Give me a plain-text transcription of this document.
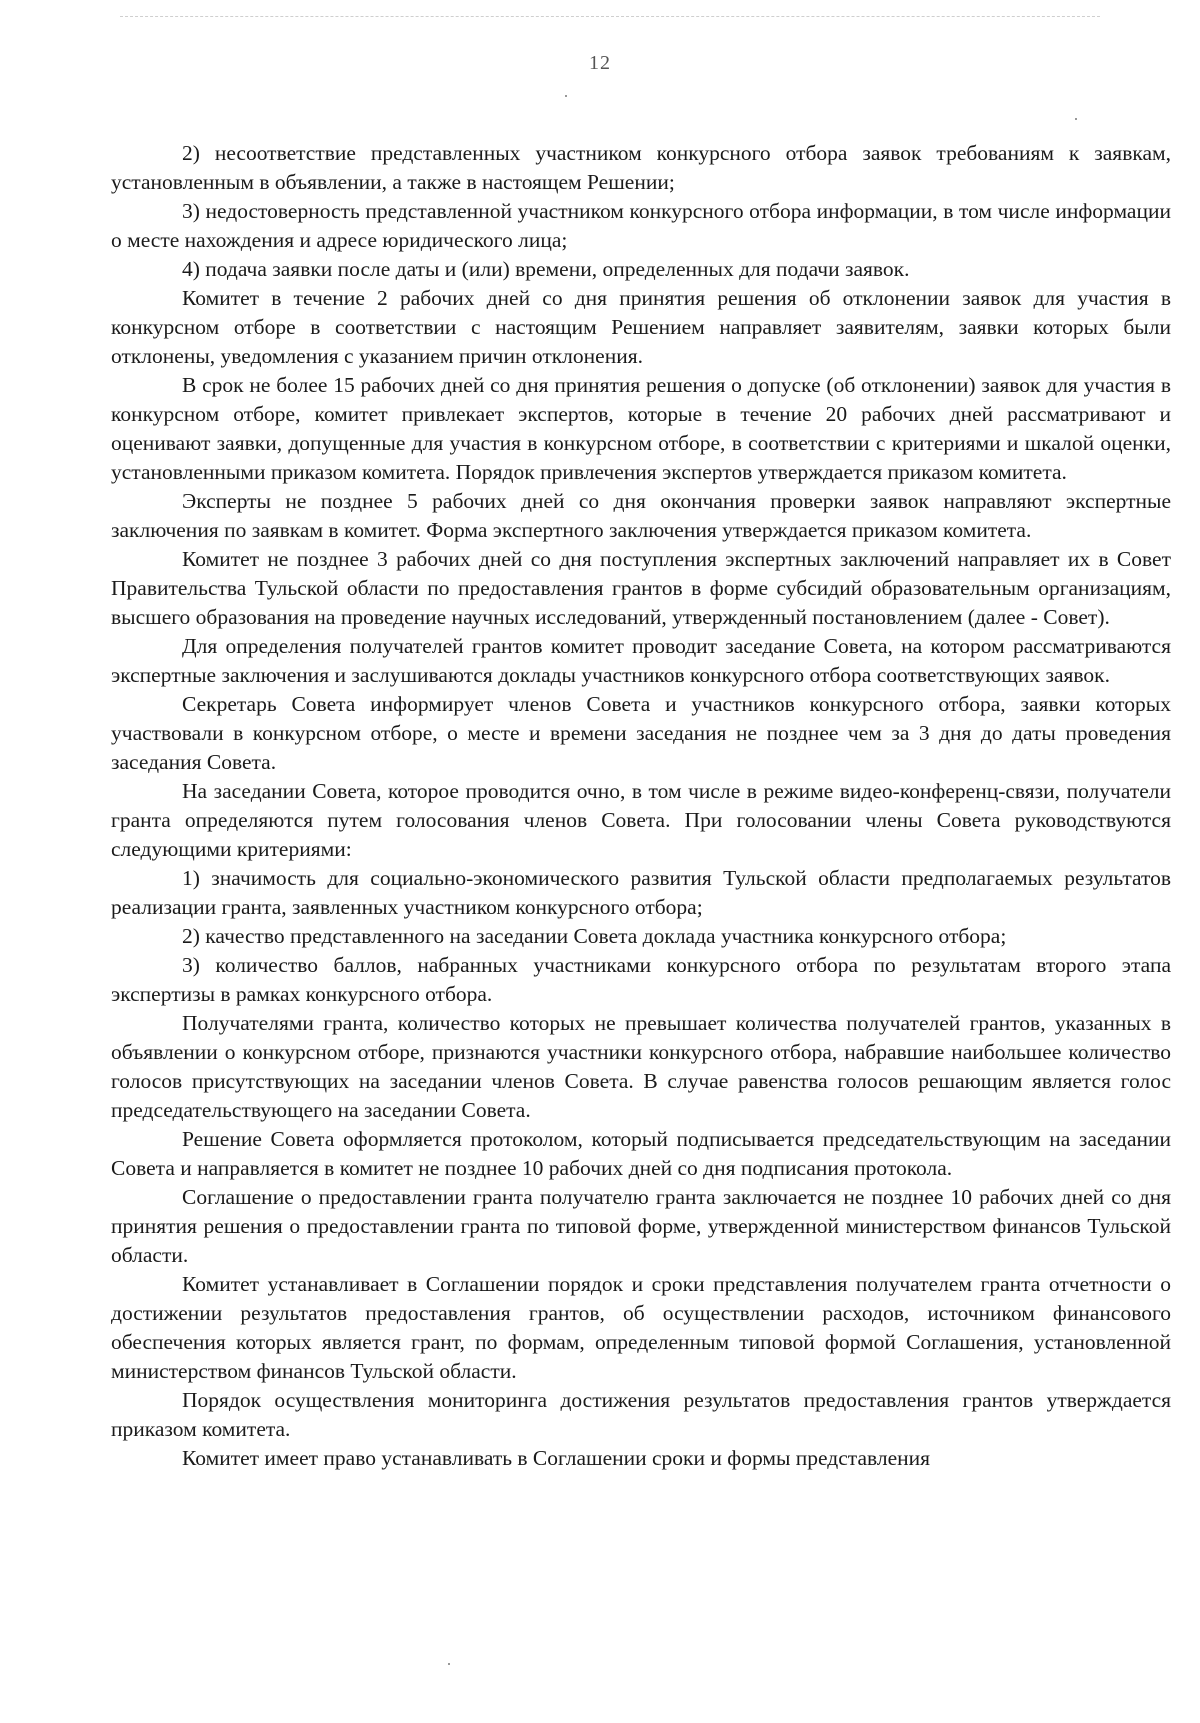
12

2) несоответствие представленных участником конкурсного отбора заявок требованиям к заявкам, установленным в объявлении, а также в настоящем Решении;

3) недостоверность представленной участником конкурсного отбора информации, в том числе информации о месте нахождения и адресе юридического лица;

4) подача заявки после даты и (или) времени, определенных для подачи заявок.

Комитет в течение 2 рабочих дней со дня принятия решения об отклонении заявок для участия в конкурсном отборе в соответствии с настоящим Решением направляет заявителям, заявки которых были отклонены, уведомления с указанием причин отклонения.

В срок не более 15 рабочих дней со дня принятия решения о допуске (об отклонении) заявок для участия в конкурсном отборе, комитет привлекает экспертов, которые в течение 20 рабочих дней рассматривают и оценивают заявки, допущенные для участия в конкурсном отборе, в соответствии с критериями и шкалой оценки, установленными приказом комитета. Порядок привлечения экспертов утверждается приказом комитета.

Эксперты не позднее 5 рабочих дней со дня окончания проверки заявок направляют экспертные заключения по заявкам в комитет. Форма экспертного заключения утверждается приказом комитета.

Комитет не позднее 3 рабочих дней со дня поступления экспертных заключений направляет их в Совет Правительства Тульской области по предоставления грантов в форме субсидий образовательным организациям, высшего образования на проведение научных исследований, утвержденный постановлением (далее - Совет).

Для определения получателей грантов комитет проводит заседание Совета, на котором рассматриваются экспертные заключения и заслушиваются доклады участников конкурсного отбора соответствующих заявок.

Секретарь Совета информирует членов Совета и участников конкурсного отбора, заявки которых участвовали в конкурсном отборе, о месте и времени заседания не позднее чем за 3 дня до даты проведения заседания Совета.

На заседании Совета, которое проводится очно, в том числе в режиме видео-конференц-связи, получатели гранта определяются путем голосования членов Совета. При голосовании члены Совета руководствуются следующими критериями:

1) значимость для социально-экономического развития Тульской области предполагаемых результатов реализации гранта, заявленных участником конкурсного отбора;

2) качество представленного на заседании Совета доклада участника конкурсного отбора;

3) количество баллов, набранных участниками конкурсного отбора по результатам второго этапа экспертизы в рамках конкурсного отбора.

Получателями гранта, количество которых не превышает количества получателей грантов, указанных в объявлении о конкурсном отборе, признаются участники конкурсного отбора, набравшие наибольшее количество голосов присутствующих на заседании членов Совета. В случае равенства голосов решающим является голос председательствующего на заседании Совета.

Решение Совета оформляется протоколом, который подписывается председательствующим на заседании Совета и направляется в комитет не позднее 10 рабочих дней со дня подписания протокола.

Соглашение о предоставлении гранта получателю гранта заключается не позднее 10 рабочих дней со дня принятия решения о предоставлении гранта по типовой форме, утвержденной министерством финансов Тульской области.

Комитет устанавливает в Соглашении порядок и сроки представления получателем гранта отчетности о достижении результатов предоставления грантов, об осуществлении расходов, источником финансового обеспечения которых является грант, по формам, определенным типовой формой Соглашения, установленной министерством финансов Тульской области.

Порядок осуществления мониторинга достижения результатов предоставления грантов утверждается приказом комитета.

Комитет имеет право устанавливать в Соглашении сроки и формы представления
